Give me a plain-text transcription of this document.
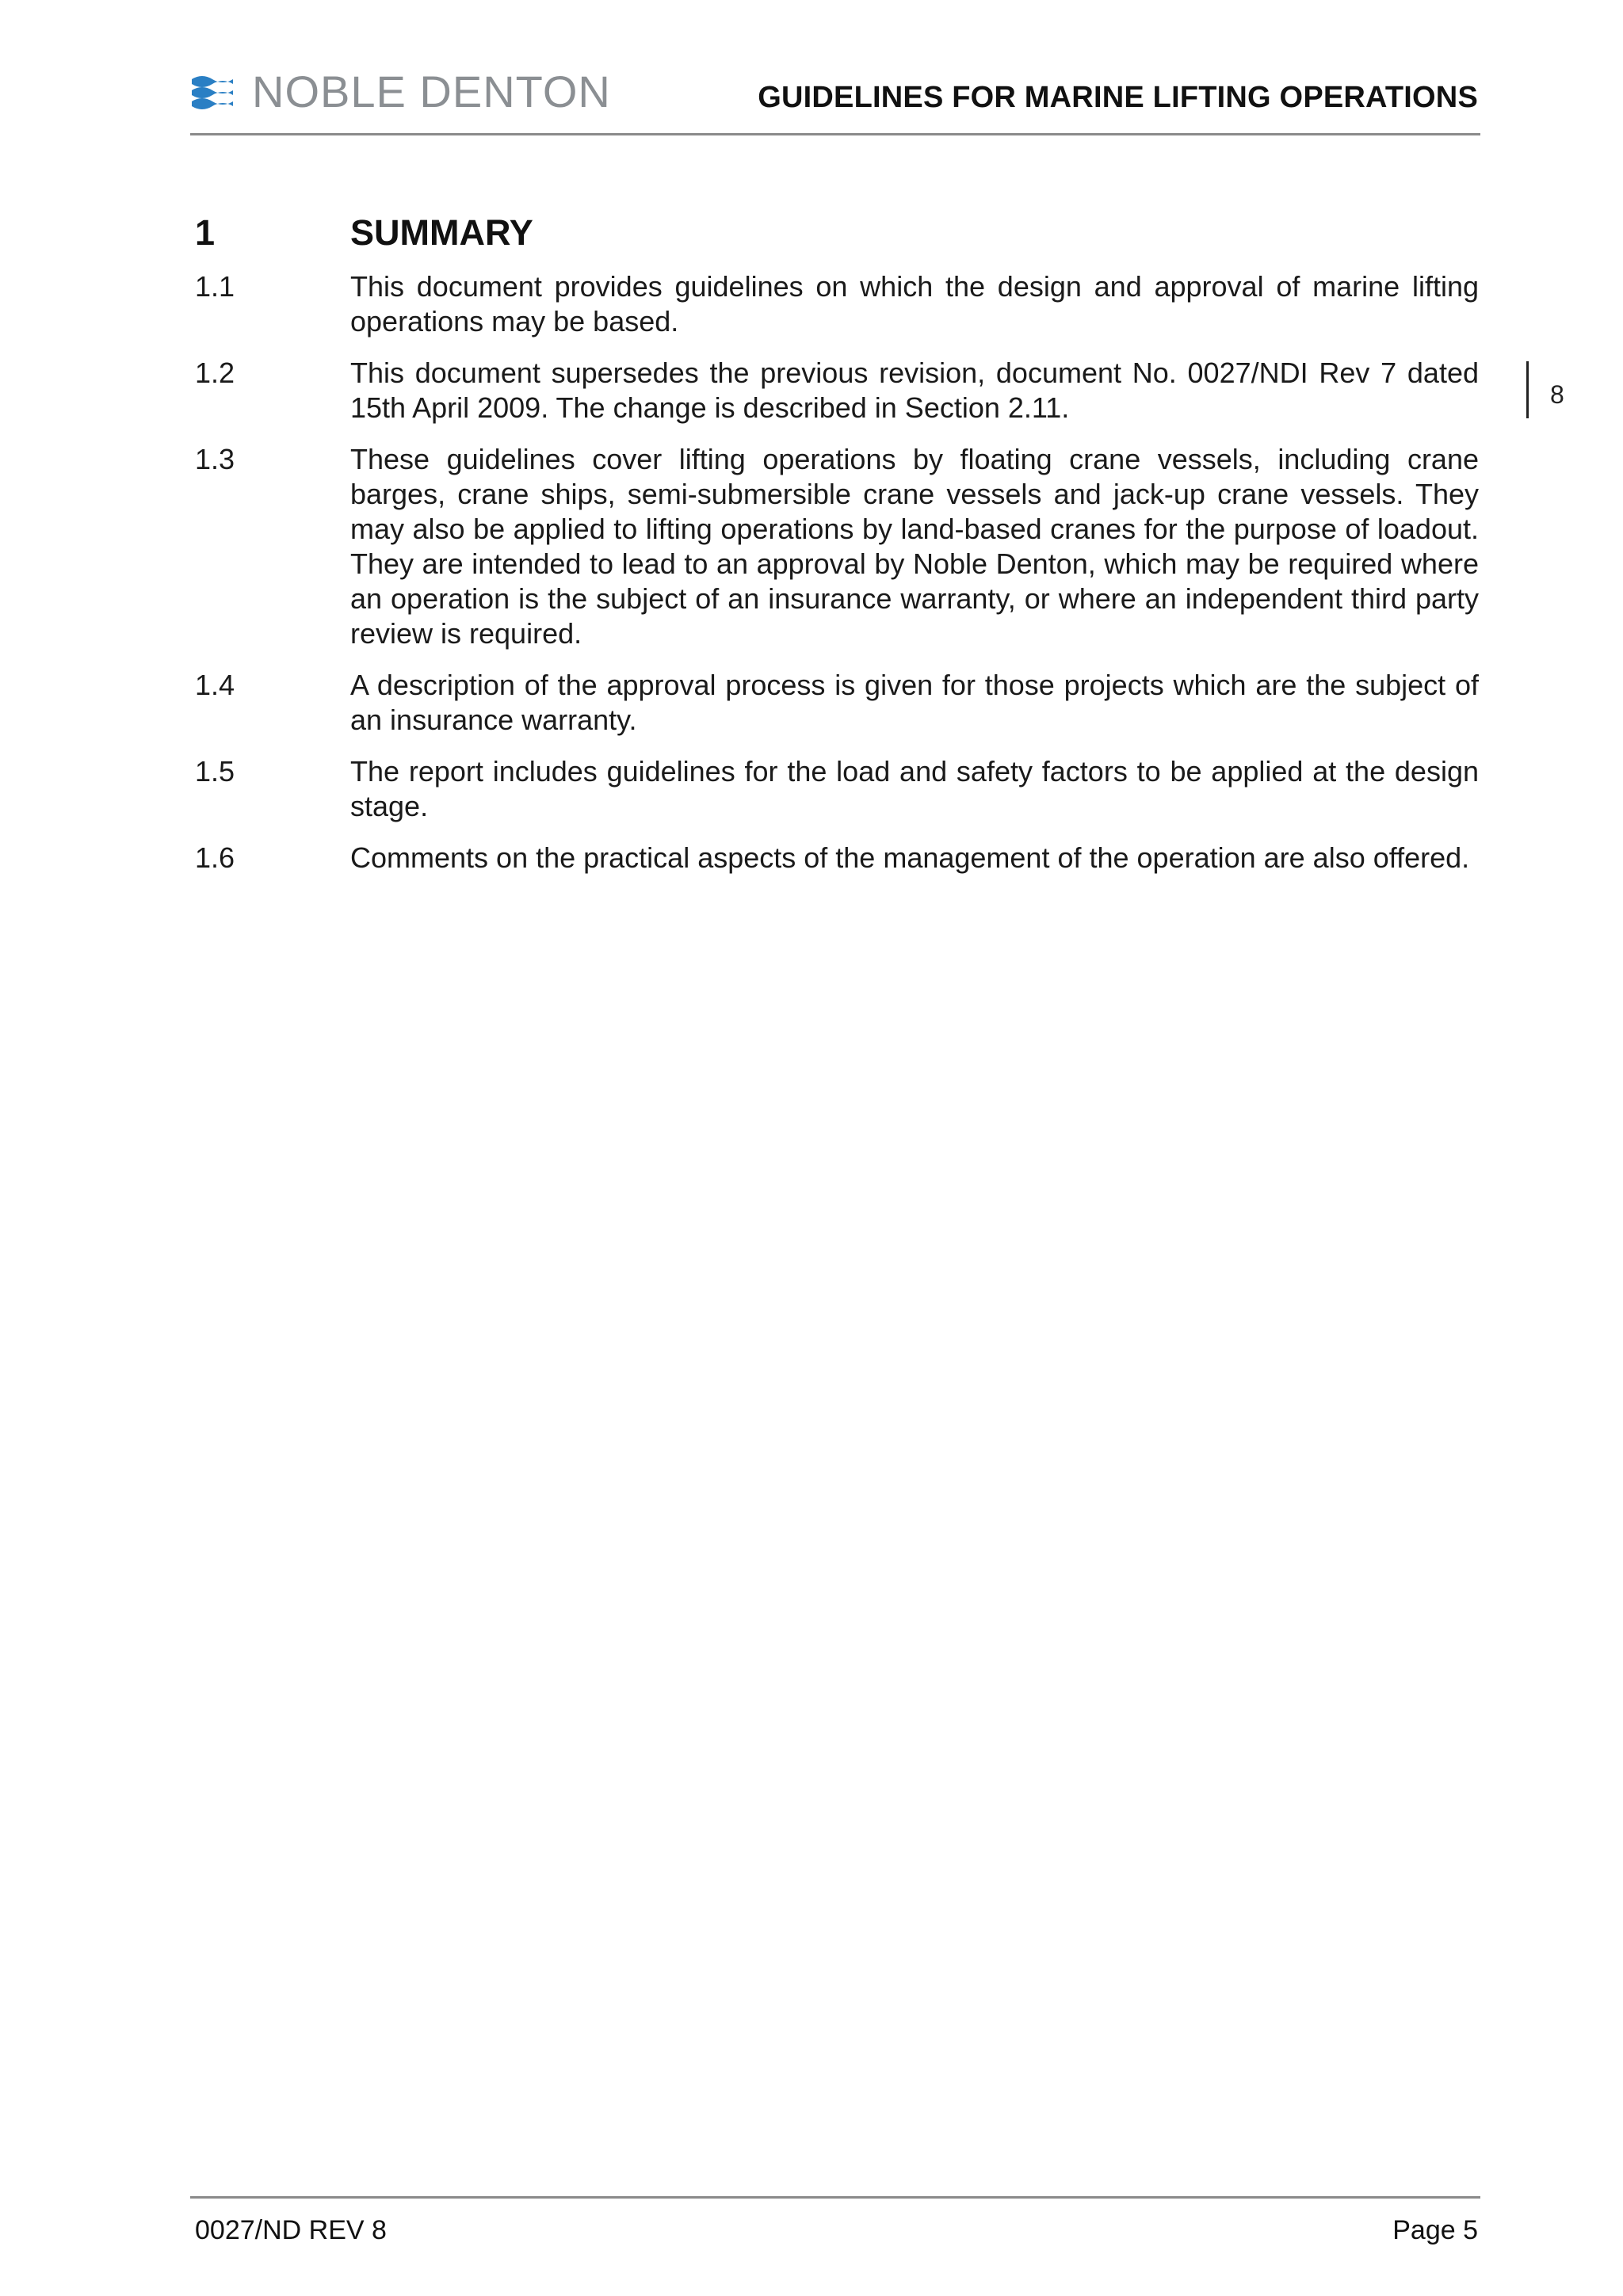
NOBLE DENTON	GUIDELINES FOR MARINE LIFTING OPERATIONS
1	SUMMARY
1.1	This document provides guidelines on which the design and approval of marine lifting operations may be based.
1.2	This document supersedes the previous revision, document No. 0027/NDI Rev 7 dated 15th April 2009. The change is described in Section 2.11.
1.3	These guidelines cover lifting operations by floating crane vessels, including crane barges, crane ships, semi-submersible crane vessels and jack-up crane vessels. They may also be applied to lifting operations by land-based cranes for the purpose of loadout. They are intended to lead to an approval by Noble Denton, which may be required where an operation is the subject of an insurance warranty, or where an independent third party review is required.
1.4	A description of the approval process is given for those projects which are the subject of an insurance warranty.
1.5	The report includes guidelines for the load and safety factors to be applied at the design stage.
1.6	Comments on the practical aspects of the management of the operation are also offered.
8
0027/ND REV 8	Page 5
